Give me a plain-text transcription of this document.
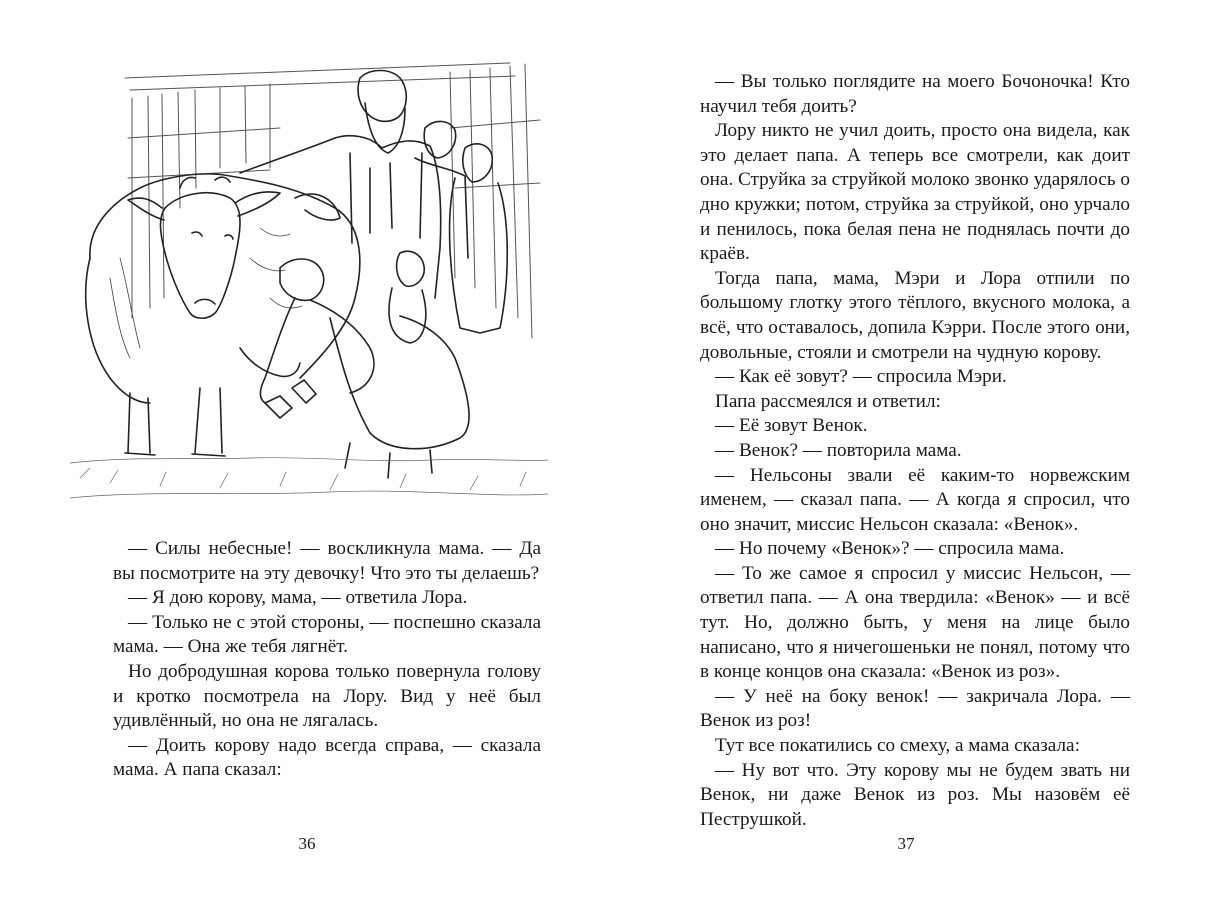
— Силы небесные! — воскликнула мама. — Да вы посмотрите на эту девочку! Что это ты делаешь?

— Я дою корову, мама, — ответила Лора.

— Только не с этой стороны, — поспешно сказала мама. — Она же тебя лягнёт.

Но добродушная корова только повернула голову и кротко посмотрела на Лору. Вид у неё был удивлённый, но она не лягалась.

— Доить корову надо всегда справа, — сказала мама. А папа сказал:

36

— Вы только поглядите на моего Бочоночка! Кто научил тебя доить?

Лору никто не учил доить, просто она видела, как это делает папа. А теперь все смотрели, как доит она. Струйка за струйкой молоко звонко ударялось о дно кружки; потом, струйка за струйкой, оно урчало и пенилось, пока белая пена не поднялась почти до краёв.

Тогда папа, мама, Мэри и Лора отпили по большому глотку этого тёплого, вкусного молока, а всё, что оставалось, допила Кэрри. После этого они, довольные, стояли и смотрели на чудную корову.

— Как её зовут? — спросила Мэри.

Папа рассмеялся и ответил:

— Её зовут Венок.

— Венок? — повторила мама.

— Нельсоны звали её каким-то норвежским именем, — сказал папа. — А когда я спросил, что оно значит, миссис Нельсон сказала: «Венок».

— Но почему «Венок»? — спросила мама.

— То же самое я спросил у миссис Нельсон, — ответил папа. — А она твердила: «Венок» — и всё тут. Но, должно быть, у меня на лице было написано, что я ничегошеньки не понял, потому что в конце концов она сказала: «Венок из роз».

— У неё на боку венок! — закричала Лора. — Венок из роз!

Тут все покатились со смеху, а мама сказала:

— Ну вот что. Эту корову мы не будем звать ни Венок, ни даже Венок из роз. Мы назовём её Пеструшкой.

37
